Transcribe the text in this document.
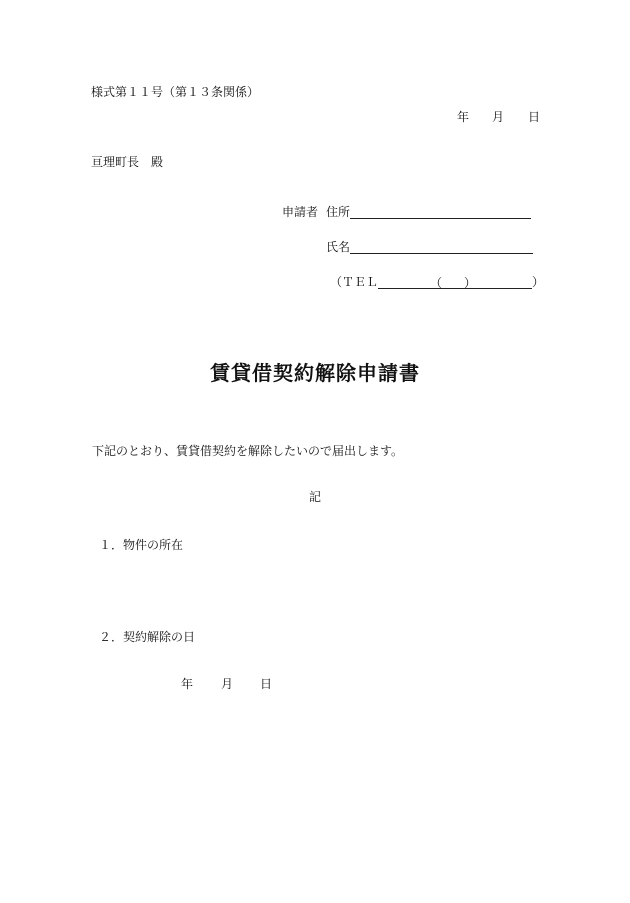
様式第１１号（第１３条関係）
年 月 日
亘理町長 殿
申請者 住所
氏名
（ＴＥＬ	（ ）	）
賃貸借契約解除申請書
下記のとおり、賃貸借契約を解除したいので届出します。
記
１．物件の所在
２．契約解除の日
年 月 日
